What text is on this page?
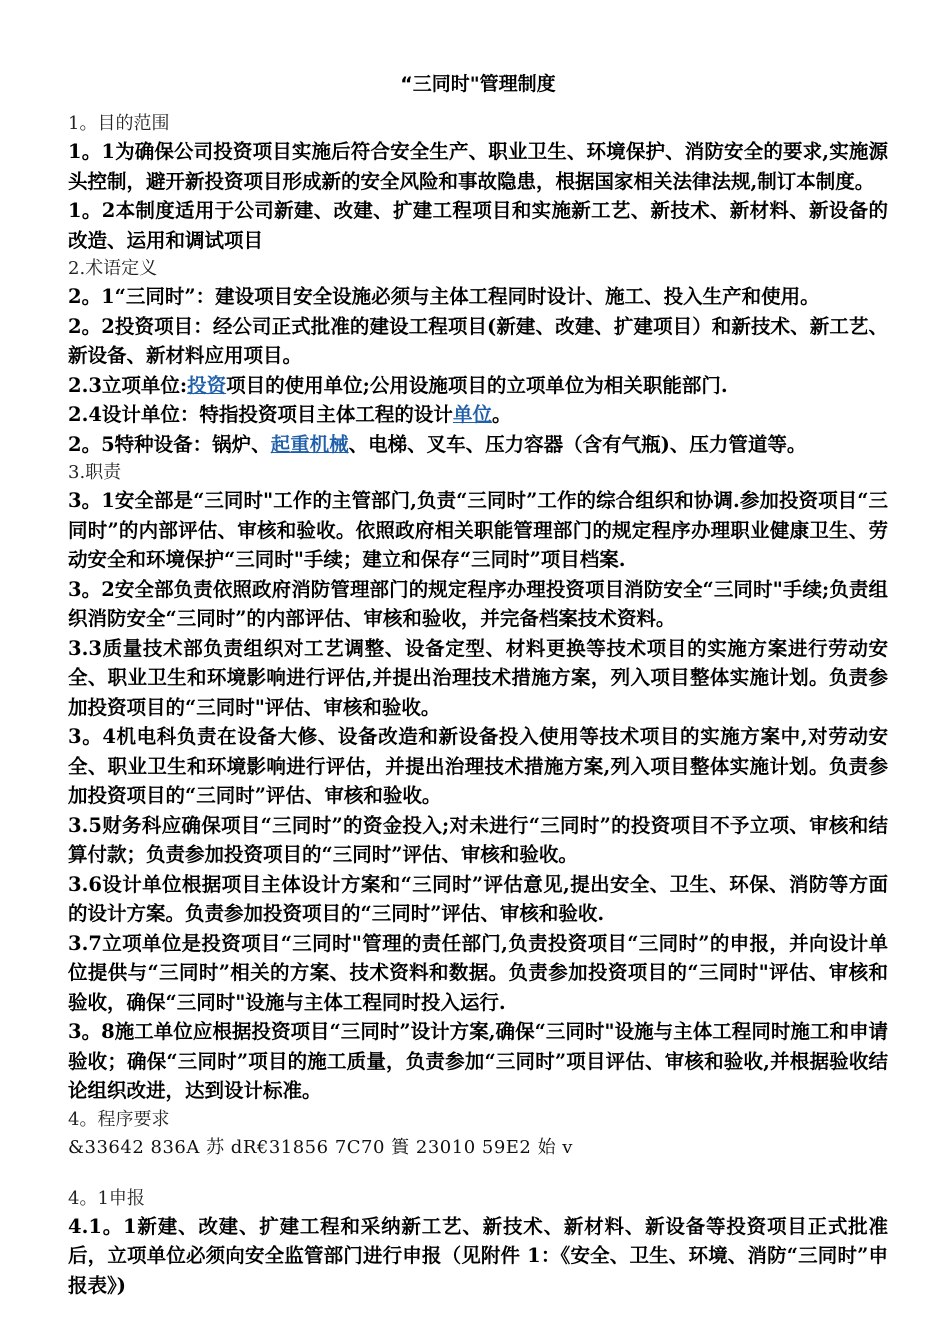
“三同时"管理制度
1。目的范围
1。1为确保公司投资项目实施后符合安全生产、职业卫生、环境保护、消防安全的要求,实施源头控制，避开新投资项目形成新的安全风险和事故隐患，根据国家相关法律法规,制订本制度。
1。2本制度适用于公司新建、改建、扩建工程项目和实施新工艺、新技术、新材料、新设备的改造、运用和调试项目
2.术语定义
2。1“三同时”：建设项目安全设施必须与主体工程同时设计、施工、投入生产和使用。
2。2投资项目：经公司正式批准的建设工程项目(新建、改建、扩建项目）和新技术、新工艺、新设备、新材料应用项目。
2.3立项单位:投资项目的使用单位;公用设施项目的立项单位为相关职能部门.
2.4设计单位：特指投资项目主体工程的设计单位。
2。5特种设备：锅炉、起重机械、电梯、叉车、压力容器（含有气瓶)、压力管道等。
3.职责
3。1安全部是“三同时"工作的主管部门,负责“三同时”工作的综合组织和协调.参加投资项目“三同时”的内部评估、审核和验收。依照政府相关职能管理部门的规定程序办理职业健康卫生、劳动安全和环境保护“三同时"手续；建立和保存“三同时”项目档案.
3。2安全部负责依照政府消防管理部门的规定程序办理投资项目消防安全“三同时"手续;负责组织消防安全“三同时”的内部评估、审核和验收，并完备档案技术资料。
3.3质量技术部负责组织对工艺调整、设备定型、材料更换等技术项目的实施方案进行劳动安全、职业卫生和环境影响进行评估,并提出治理技术措施方案，列入项目整体实施计划。负责参加投资项目的“三同时"评估、审核和验收。
3。4机电科负责在设备大修、设备改造和新设备投入使用等技术项目的实施方案中,对劳动安全、职业卫生和环境影响进行评估，并提出治理技术措施方案,列入项目整体实施计划。负责参加投资项目的“三同时”评估、审核和验收。
3.5财务科应确保项目“三同时”的资金投入;对未进行“三同时”的投资项目不予立项、审核和结算付款；负责参加投资项目的“三同时”评估、审核和验收。
3.6设计单位根据项目主体设计方案和“三同时”评估意见,提出安全、卫生、环保、消防等方面的设计方案。负责参加投资项目的“三同时”评估、审核和验收.
3.7立项单位是投资项目“三同时"管理的责任部门,负责投资项目“三同时”的申报，并向设计单位提供与“三同时”相关的方案、技术资料和数据。负责参加投资项目的“三同时"评估、审核和验收，确保“三同时"设施与主体工程同时投入运行.
3。8施工单位应根据投资项目“三同时”设计方案,确保“三同时"设施与主体工程同时施工和申请验收；确保“三同时”项目的施工质量，负责参加“三同时”项目评估、审核和验收,并根据验收结论组织改进，达到设计标准。
4。程序要求
&33642 836A 苏 dR€31856 7C70 簣 23010 59E2 始 v
4。1申报
4.1。1新建、改建、扩建工程和采纳新工艺、新技术、新材料、新设备等投资项目正式批准后，立项单位必须向安全监管部门进行申报（见附件 1：《安全、卫生、环境、消防“三同时”申报表》)
